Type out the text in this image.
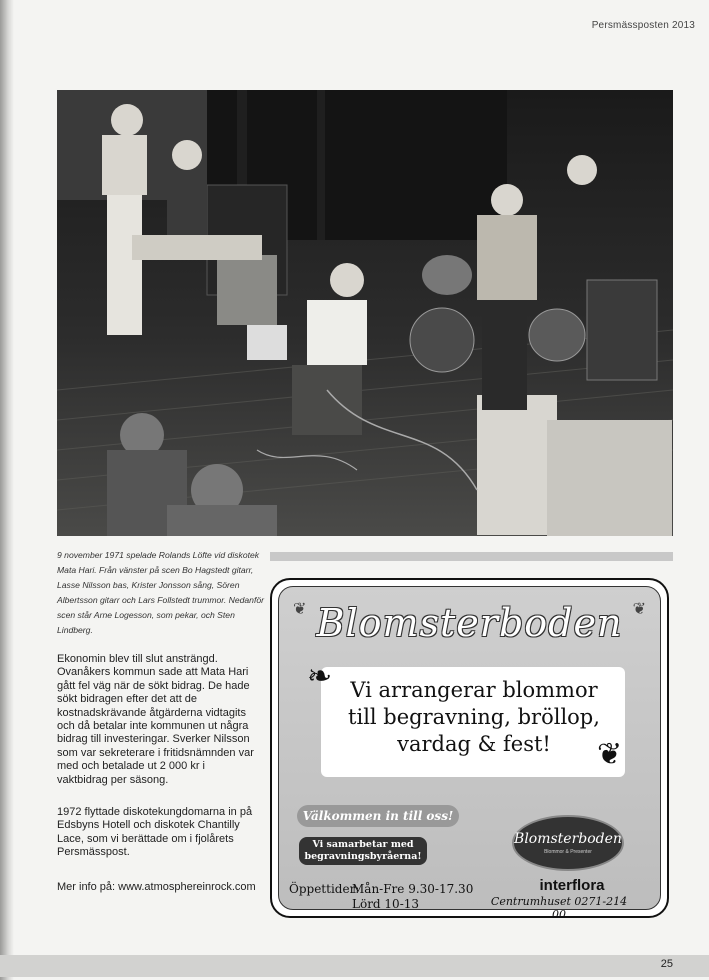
Persmässposten 2013
9 november 1971 spelade Rolands Löfte vid diskotek Mata Hari. Från vänster på scen Bo Hagstedt gitarr, Lasse Nilsson bas, Krister Jonsson sång, Sören Albertsson gitarr och Lars Follstedt trummor. Nedanför scen står Arne Logesson, som pekar, och Sten Lindberg.
Ekonomin blev till slut ansträngd. Ovanåkers kommun sade att Mata Hari gått fel väg när de sökt bidrag. De hade sökt bidragen efter det att de kostnadskrävande åtgärderna vidtagits och då betalar inte kommunen ut några bidrag till investeringar. Sverker Nilsson som var sekreterare i fritidsnämnden var med och betalade ut 2 000 kr i vaktbidrag per säsong.
1972 flyttade diskotekungdomarna in på Edsbyns Hotell och diskotek Chantilly Lace, som vi berättade om i fjolårets Persmässpost.
Mer info på: www.atmosphereinrock.com
❦	❦
Blomsterboden
❧
❦
Vi arrangerar blommor till begravning, bröllop, vardag & fest!
Välkommen in till oss!
Vi samarbetar med begravningsbyråerna!
Blomsterboden
Blommor & Presenter
Öppettider:
Mån-Fre 9.30-17.30
Lörd 10-13
interflora
Centrumhuset 0271-214 00
25
